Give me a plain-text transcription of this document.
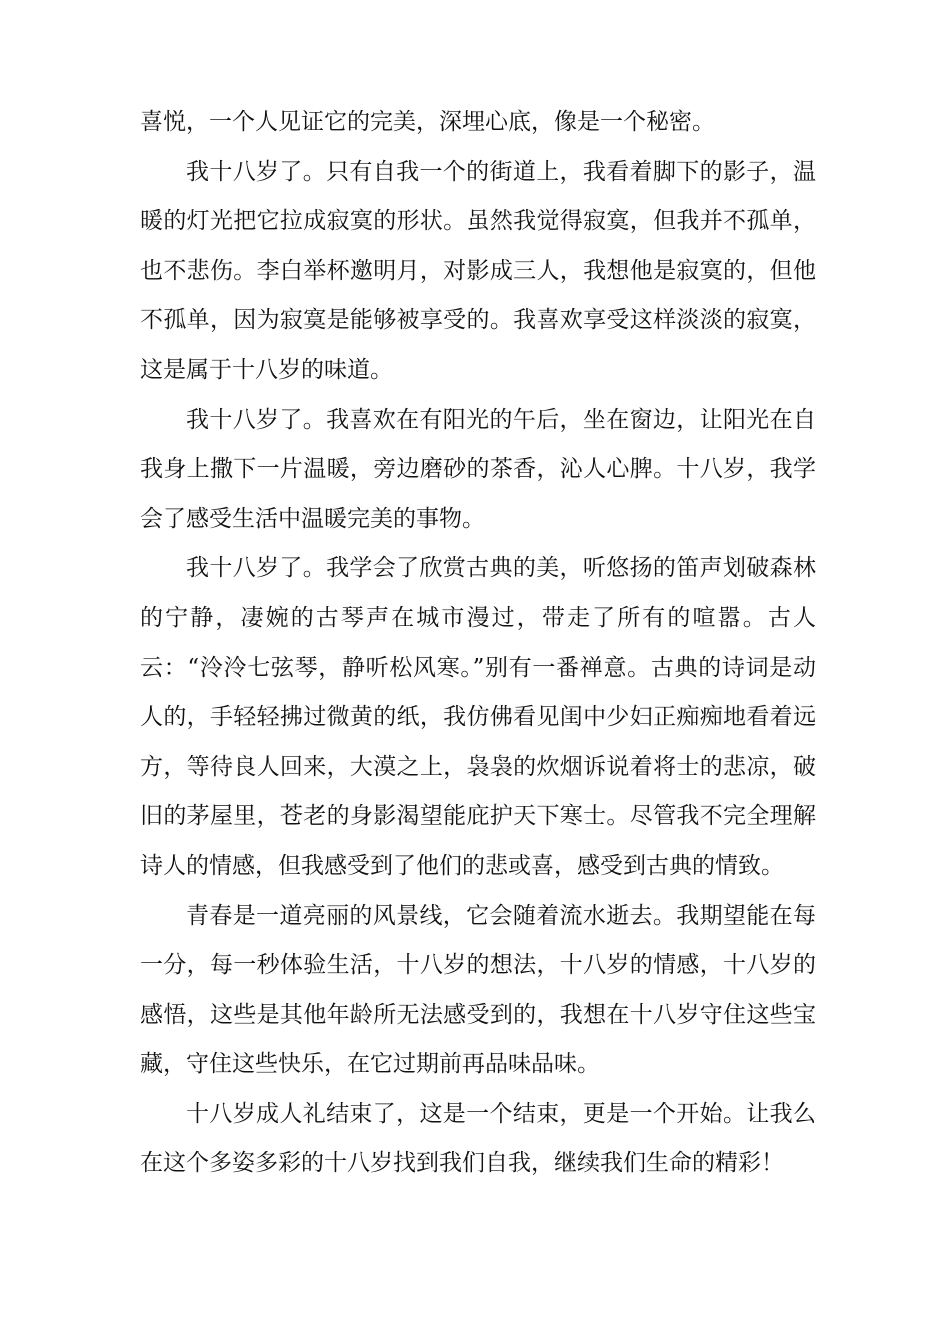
喜悦，一个人见证它的完美，深埋心底，像是一个秘密。

我十八岁了。只有自我一个的街道上，我看着脚下的影子，温暖的灯光把它拉成寂寞的形状。虽然我觉得寂寞，但我并不孤单，也不悲伤。李白举杯邀明月，对影成三人，我想他是寂寞的，但他不孤单，因为寂寞是能够被享受的。我喜欢享受这样淡淡的寂寞，这是属于十八岁的味道。

我十八岁了。我喜欢在有阳光的午后，坐在窗边，让阳光在自我身上撒下一片温暖，旁边磨砂的茶香，沁人心脾。十八岁，我学会了感受生活中温暖完美的事物。

我十八岁了。我学会了欣赏古典的美，听悠扬的笛声划破森林的宁静，凄婉的古琴声在城市漫过，带走了所有的喧嚣。古人云：“泠泠七弦琴，静听松风寒。”别有一番禅意。古典的诗词是动人的，手轻轻拂过微黄的纸，我仿佛看见闺中少妇正痴痴地看着远方，等待良人回来，大漠之上，袅袅的炊烟诉说着将士的悲凉，破旧的茅屋里，苍老的身影渴望能庇护天下寒士。尽管我不完全理解诗人的情感，但我感受到了他们的悲或喜，感受到古典的情致。

青春是一道亮丽的风景线，它会随着流水逝去。我期望能在每一分，每一秒体验生活，十八岁的想法，十八岁的情感，十八岁的感悟，这些是其他年龄所无法感受到的，我想在十八岁守住这些宝藏，守住这些快乐，在它过期前再品味品味。

十八岁成人礼结束了，这是一个结束，更是一个开始。让我么在这个多姿多彩的十八岁找到我们自我，继续我们生命的精彩！
